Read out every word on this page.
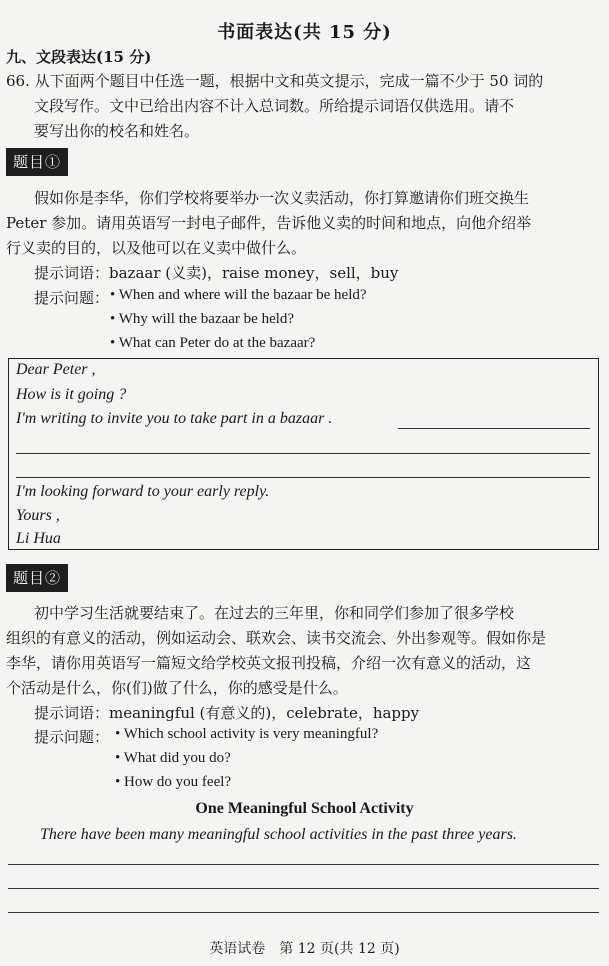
书面表达(共 15 分)
九、文段表达(15 分)
66. 从下面两个题目中任选一题，根据中文和英文提示，完成一篇不少于 50 词的
文段写作。文中已给出内容不计入总词数。所给提示词语仅供选用。请不
要写出你的校名和姓名。
题目①
假如你是李华，你们学校将要举办一次义卖活动，你打算邀请你们班交换生
Peter 参加。请用英语写一封电子邮件，告诉他义卖的时间和地点，向他介绍举
行义卖的目的，以及他可以在义卖中做什么。
提示词语：bazaar (义卖)，raise money，sell，buy
提示问题： • When and where will the bazaar be held?
• Why will the bazaar be held?
• What can Peter do at the bazaar?
Dear Peter ,
How is it going ?
I'm writing to invite you to take part in a bazaar .
I'm looking forward to your early reply.
Yours ,
Li Hua
题目②
初中学习生活就要结束了。在过去的三年里，你和同学们参加了很多学校
组织的有意义的活动，例如运动会、联欢会、读书交流会、外出参观等。假如你是
李华，请你用英语写一篇短文给学校英文报刊投稿，介绍一次有意义的活动，这
个活动是什么，你(们)做了什么，你的感受是什么。
提示词语：meaningful (有意义的)，celebrate，happy
提示问题： • Which school activity is very meaningful?
• What did you do?
• How do you feel?
One Meaningful School Activity
There have been many meaningful school activities in the past three years.
英语试卷　第 12 页(共 12 页)
